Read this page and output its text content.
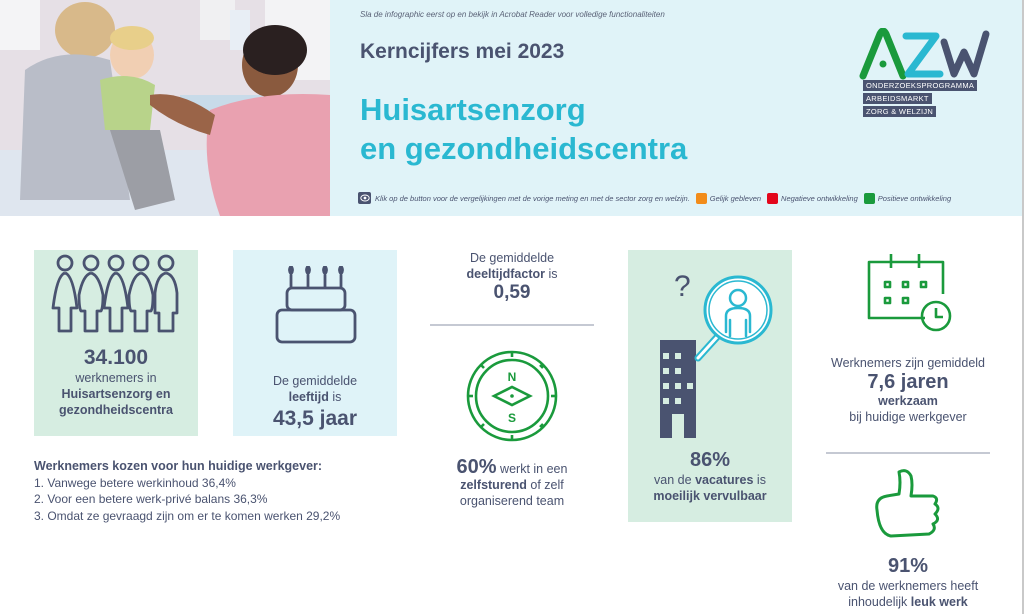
Sla de infographic eerst op en bekijk in Acrobat Reader voor volledige functionaliteiten
Kerncijfers mei 2023
Huisartsenzorg
en gezondheidscentra
ONDERZOEKSPROGRAMMA
ARBEIDSMARKT
ZORG & WELZIJN
Klik op de button voor de vergelijkingen met de vorige meting en met de sector zorg en welzijn.	Gelijk gebleven	Negatieve ontwikkeling	Positieve ontwikkeling
34.100
werknemers in
Huisartsenzorg en
gezondheidscentra
De gemiddelde
leeftijd is
43,5 jaar
Werknemers kozen voor hun huidige werkgever:
1. Vanwege betere werkinhoud 36,4%
2. Voor een betere werk-privé balans 36,3%
3. Omdat ze gevraagd zijn om er te komen werken 29,2%
De gemiddelde
deeltijdfactor is
0,59
N
S
60% werkt in een
zelfsturend of zelf
organiserend team
?
86%
van de vacatures is
moeilijk vervulbaar
Werknemers zijn gemiddeld
7,6 jaren
werkzaam
bij huidige werkgever
91%
van de werknemers heeft
inhoudelijk leuk werk
